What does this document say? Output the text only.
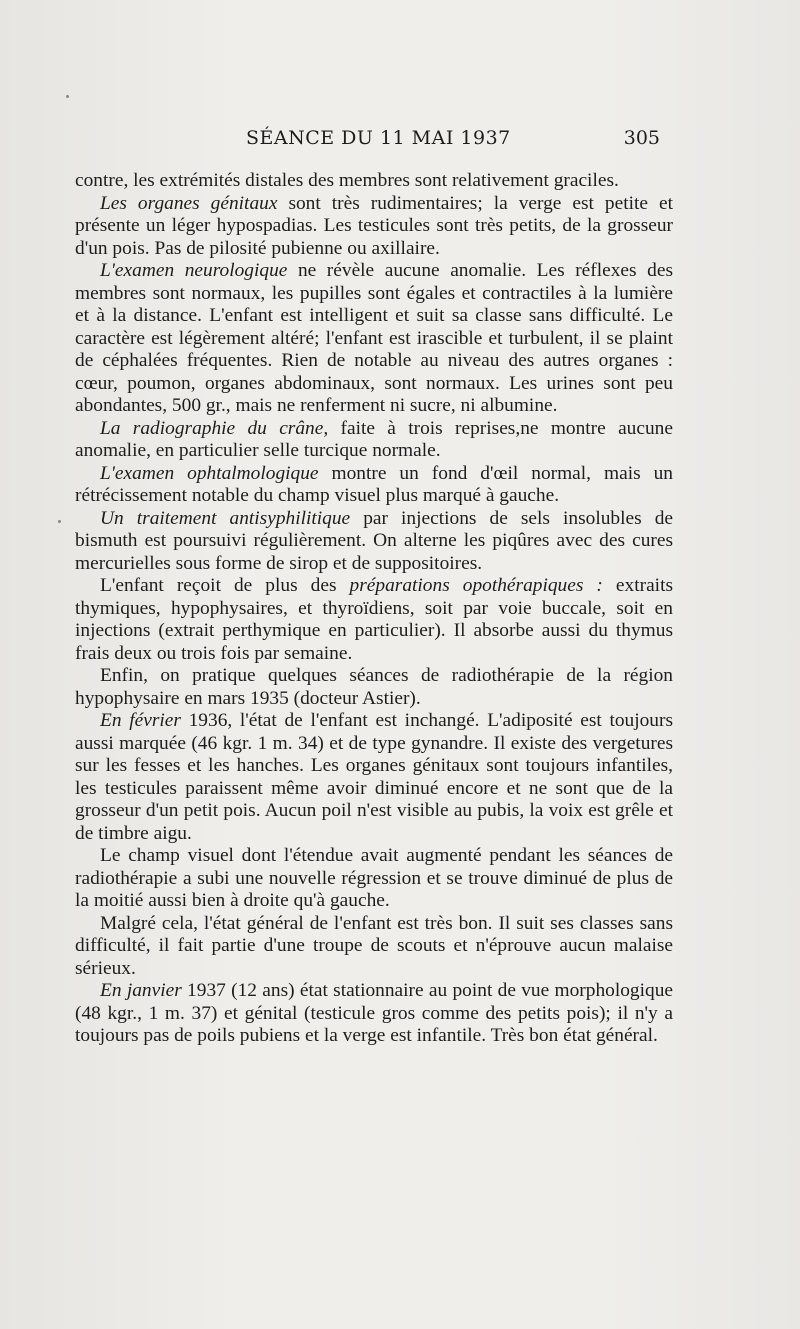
SÉANCE DU 11 MAI 1937	305

contre, les extrémités distales des membres sont relativement graciles.

Les organes génitaux sont très rudimentaires; la verge est petite et présente un léger hypospadias. Les testicules sont très petits, de la grosseur d'un pois. Pas de pilosité pubienne ou axillaire.

L'examen neurologique ne révèle aucune anomalie. Les réflexes des membres sont normaux, les pupilles sont égales et contractiles à la lumière et à la distance. L'enfant est intelligent et suit sa classe sans difficulté. Le caractère est légèrement altéré; l'enfant est irascible et turbulent, il se plaint de céphalées fréquentes. Rien de notable au niveau des autres organes : cœur, poumon, organes abdominaux, sont normaux. Les urines sont peu abondantes, 500 gr., mais ne renferment ni sucre, ni albumine.

La radiographie du crâne, faite à trois reprises,ne montre aucune anomalie, en particulier selle turcique normale.

L'examen ophtalmologique montre un fond d'œil normal, mais un rétrécissement notable du champ visuel plus marqué à gauche.

Un traitement antisyphilitique par injections de sels insolubles de bismuth est poursuivi régulièrement. On alterne les piqûres avec des cures mercurielles sous forme de sirop et de suppositoires.

L'enfant reçoit de plus des préparations opothérapiques : extraits thymiques, hypophysaires, et thyroïdiens, soit par voie buccale, soit en injections (extrait perthymique en particulier). Il absorbe aussi du thymus frais deux ou trois fois par semaine.

Enfin, on pratique quelques séances de radiothérapie de la région hypophysaire en mars 1935 (docteur Astier).

En février 1936, l'état de l'enfant est inchangé. L'adiposité est toujours aussi marquée (46 kgr. 1 m. 34) et de type gynandre. Il existe des vergetures sur les fesses et les hanches. Les organes génitaux sont toujours infantiles, les testicules paraissent même avoir diminué encore et ne sont que de la grosseur d'un petit pois. Aucun poil n'est visible au pubis, la voix est grêle et de timbre aigu.

Le champ visuel dont l'étendue avait augmenté pendant les séances de radiothérapie a subi une nouvelle régression et se trouve diminué de plus de la moitié aussi bien à droite qu'à gauche.

Malgré cela, l'état général de l'enfant est très bon. Il suit ses classes sans difficulté, il fait partie d'une troupe de scouts et n'éprouve aucun malaise sérieux.

En janvier 1937 (12 ans) état stationnaire au point de vue morphologique (48 kgr., 1 m. 37) et génital (testicule gros comme des petits pois); il n'y a toujours pas de poils pubiens et la verge est infantile. Très bon état général.
